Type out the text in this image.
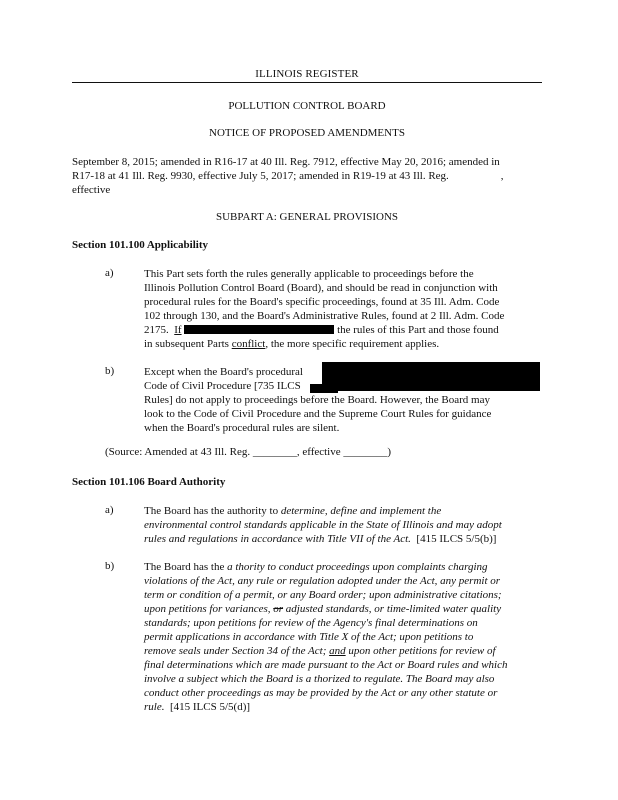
ILLINOIS REGISTER
POLLUTION CONTROL BOARD
NOTICE OF PROPOSED AMENDMENTS
September 8, 2015; amended in R16-17 at 40 Ill. Reg. 7912, effective May 20, 2016; amended in
R17-18 at 41 Ill. Reg. 9930, effective July 5, 2017; amended in R19-19 at 43 Ill. Reg.	,
effective
SUBPART A: GENERAL PROVISIONS
Section 101.100 Applicability
a)	This Part sets forth the rules generally applicable to proceedings before the
Illinois Pollution Control Board (Board), and should be read in conjunction with
procedural rules for the Board's specific proceedings, found at 35 Ill. Adm. Code
102 through 130, and the Board's Administrative Rules, found at 2 Ill. Adm. Code
2175. If	the rules of this Part and those found
in subsequent Parts conflict, the more specific requirement applies.
b)	Except when the Board's procedural
Code of Civil Procedure [735 ILCS
Rules] do not apply to proceedings before the Board. However, the Board may
look to the Code of Civil Procedure and the Supreme Court Rules for guidance
when the Board's procedural rules are silent.
(Source: Amended at 43 Ill. Reg. ________, effective ________)
Section 101.106 Board Authority
a)	The Board has the authority to determine, define and implement the
environmental control standards applicable in the State of Illinois and may adopt
rules and regulations in accordance with Title VII of the Act. [415 ILCS 5/5(b)]
b)	The Board has the a thority to conduct proceedings upon complaints charging
violations of the Act, any rule or regulation adopted under the Act, any permit or
term or condition of a permit, or any Board order; upon administrative citations;
upon petitions for variances, or adjusted standards, or time-limited water quality
standards; upon petitions for review of the Agency's final determinations on
permit applications in accordance with Title X of the Act; upon petitions to
remove seals under Section 34 of the Act; and upon other petitions for review of
final determinations which are made pursuant to the Act or Board rules and which
involve a subject which the Board is a thorized to regulate. The Board may also
conduct other proceedings as may be provided by the Act or any other statute or
rule. [415 ILCS 5/5(d)]
